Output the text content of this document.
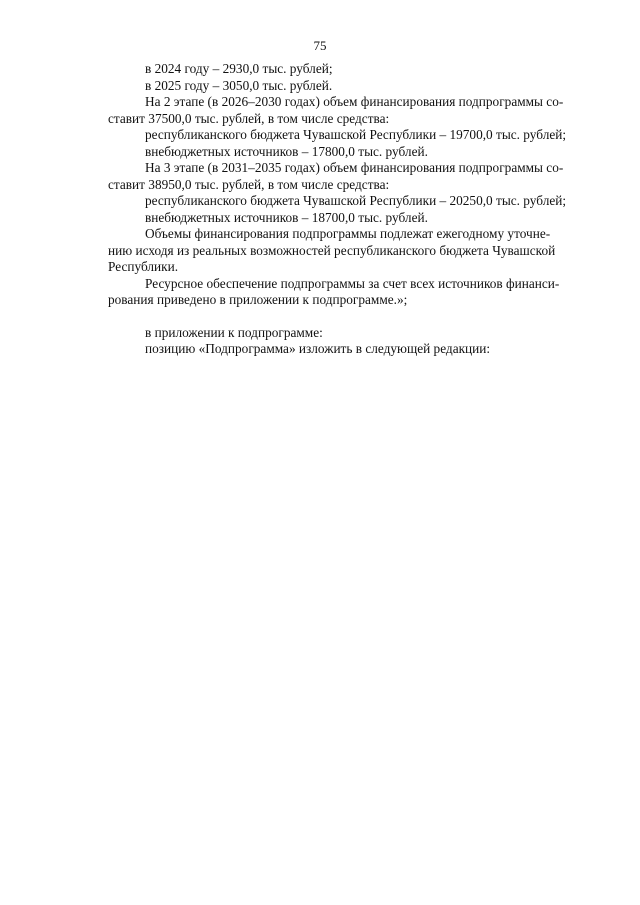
75

в 2024 году – 2930,0 тыс. рублей;

в 2025 году – 3050,0 тыс. рублей.

На 2 этапе (в 2026–2030 годах) объем финансирования подпрограммы со-

ставит 37500,0 тыс. рублей, в том числе средства:

республиканского бюджета Чувашской Республики – 19700,0 тыс. рублей;

внебюджетных источников – 17800,0 тыс. рублей.

На 3 этапе (в 2031–2035 годах) объем финансирования подпрограммы со-

ставит 38950,0 тыс. рублей, в том числе средства:

республиканского бюджета Чувашской Республики – 20250,0 тыс. рублей;

внебюджетных источников – 18700,0 тыс. рублей.

Объемы финансирования подпрограммы подлежат ежегодному уточне-

нию исходя из реальных возможностей республиканского бюджета Чувашской

Республики.

Ресурсное обеспечение подпрограммы за счет всех источников финанси-

рования приведено в приложении к подпрограмме.»;

в приложении к подпрограмме:

позицию «Подпрограмма» изложить в следующей редакции:
